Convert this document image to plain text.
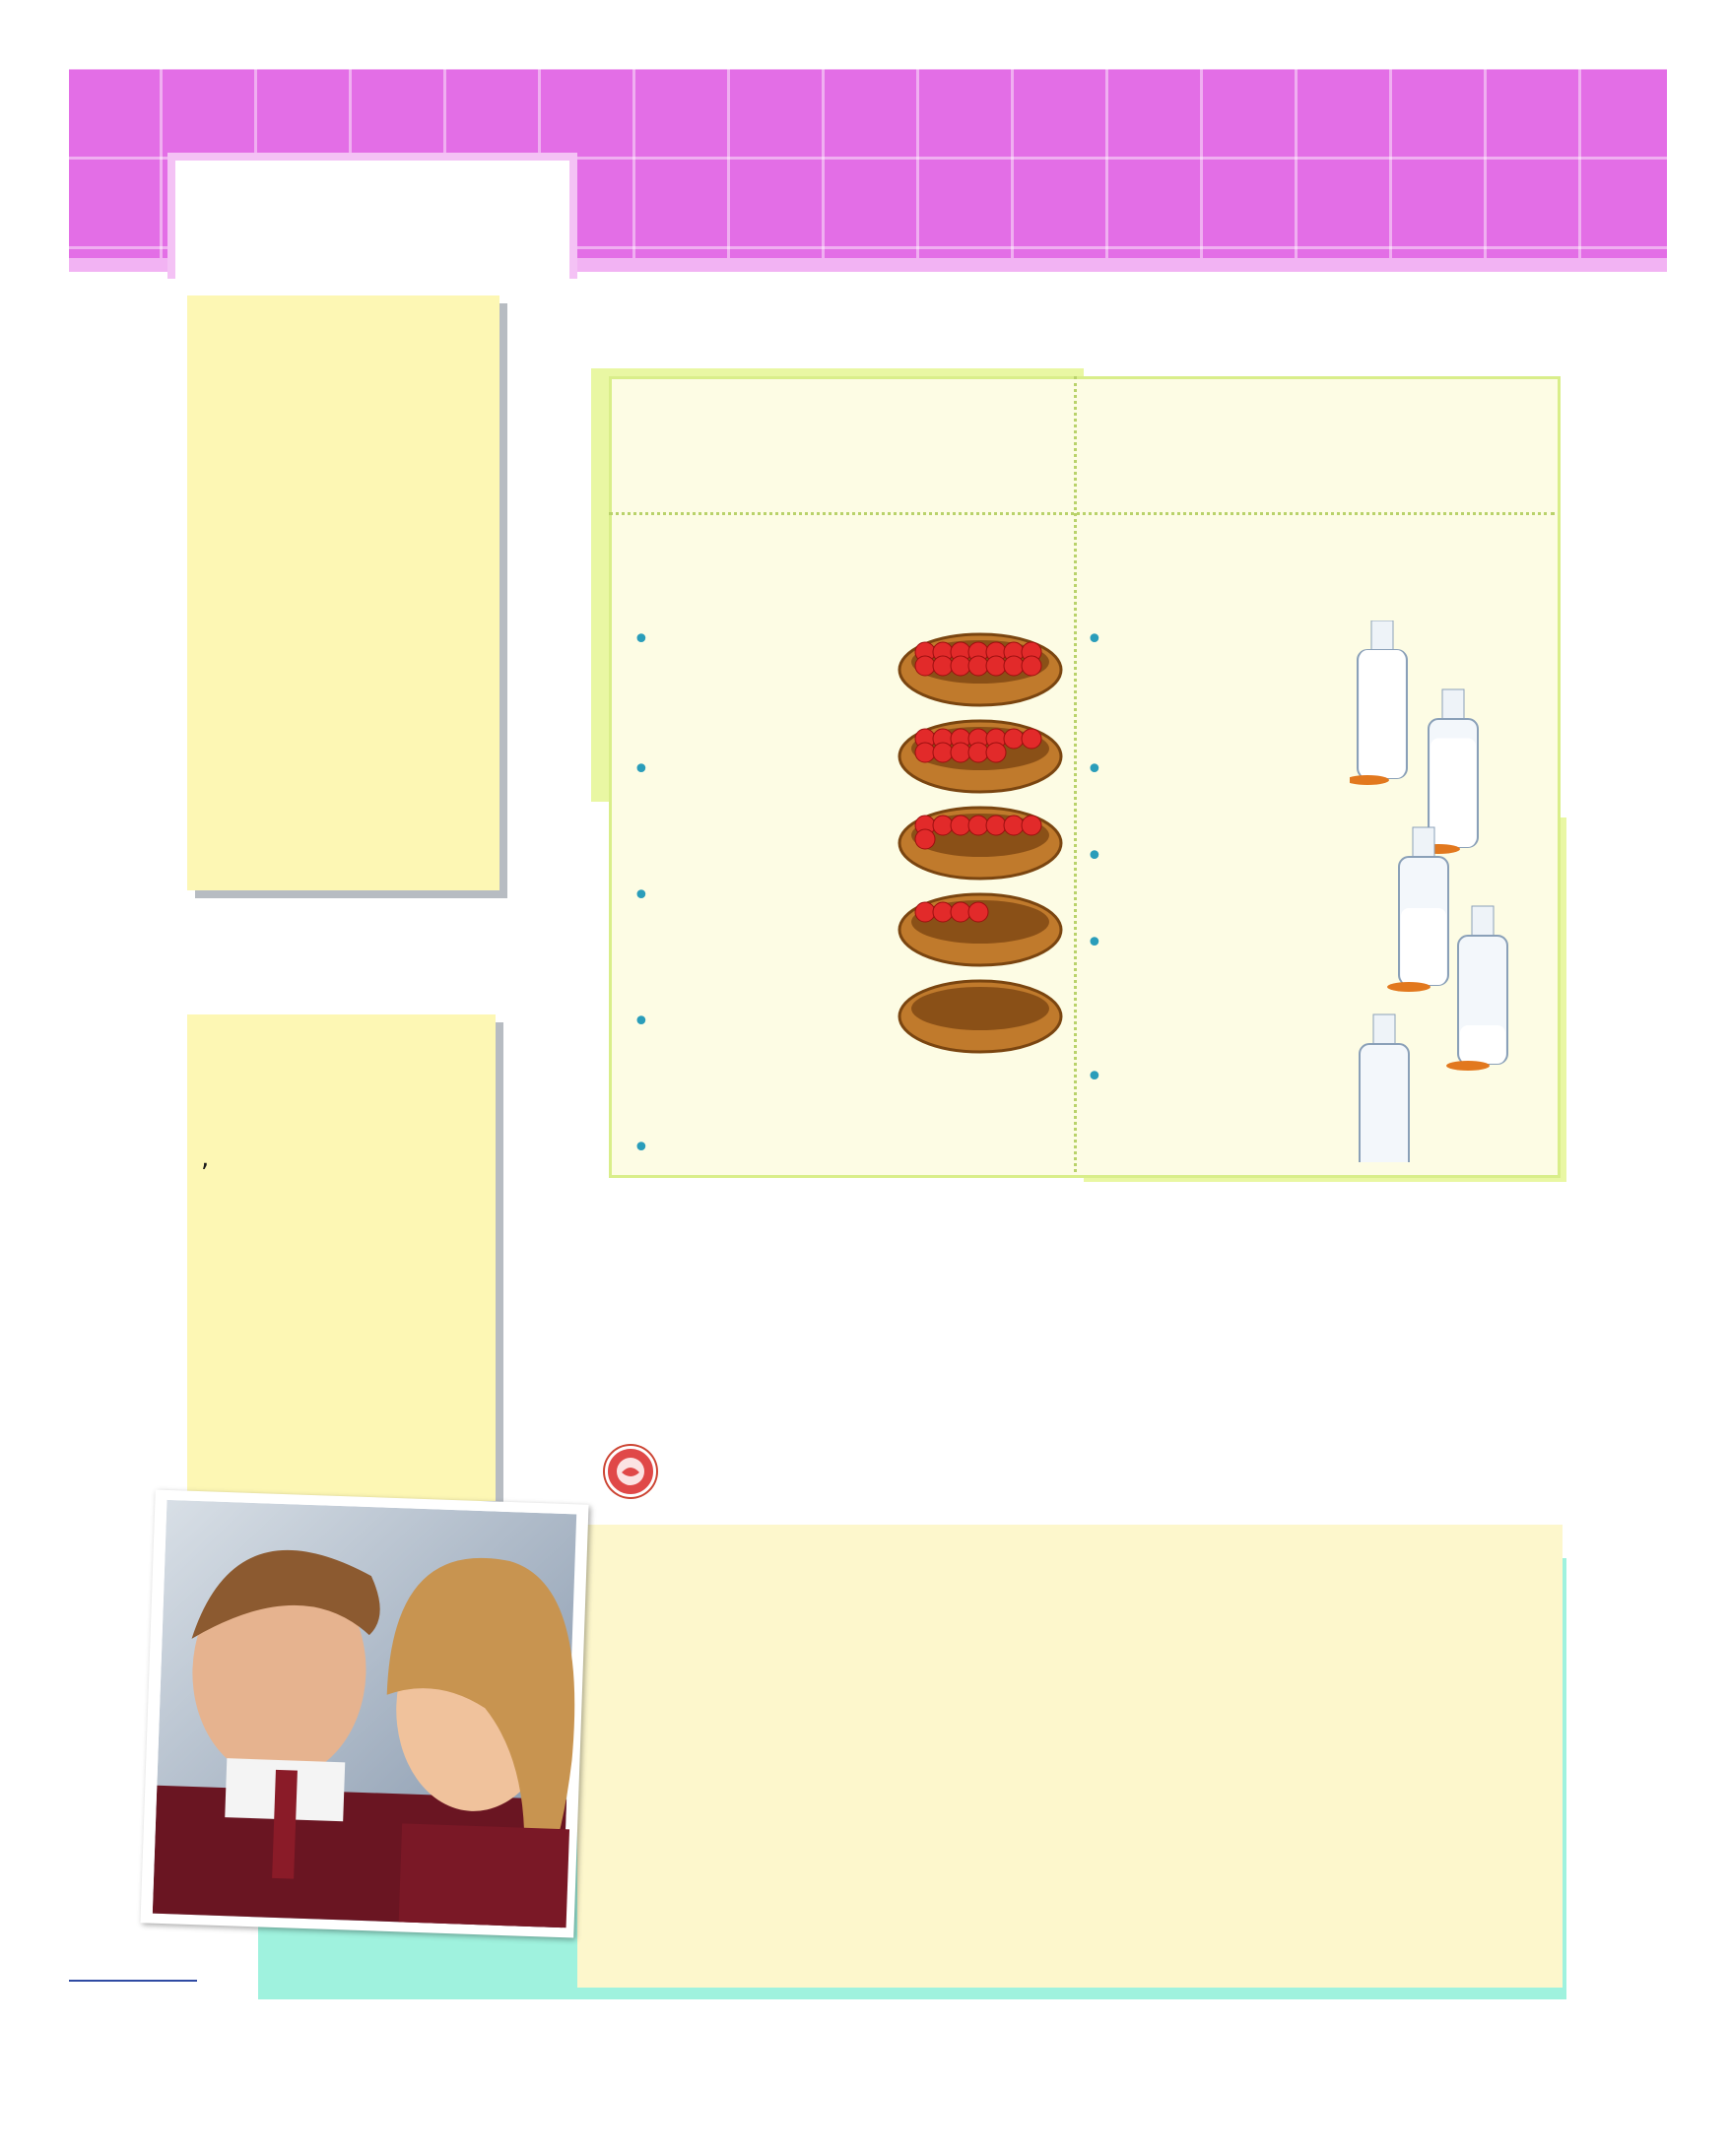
,

•

•

•

•

•

•

•

•

•

•
